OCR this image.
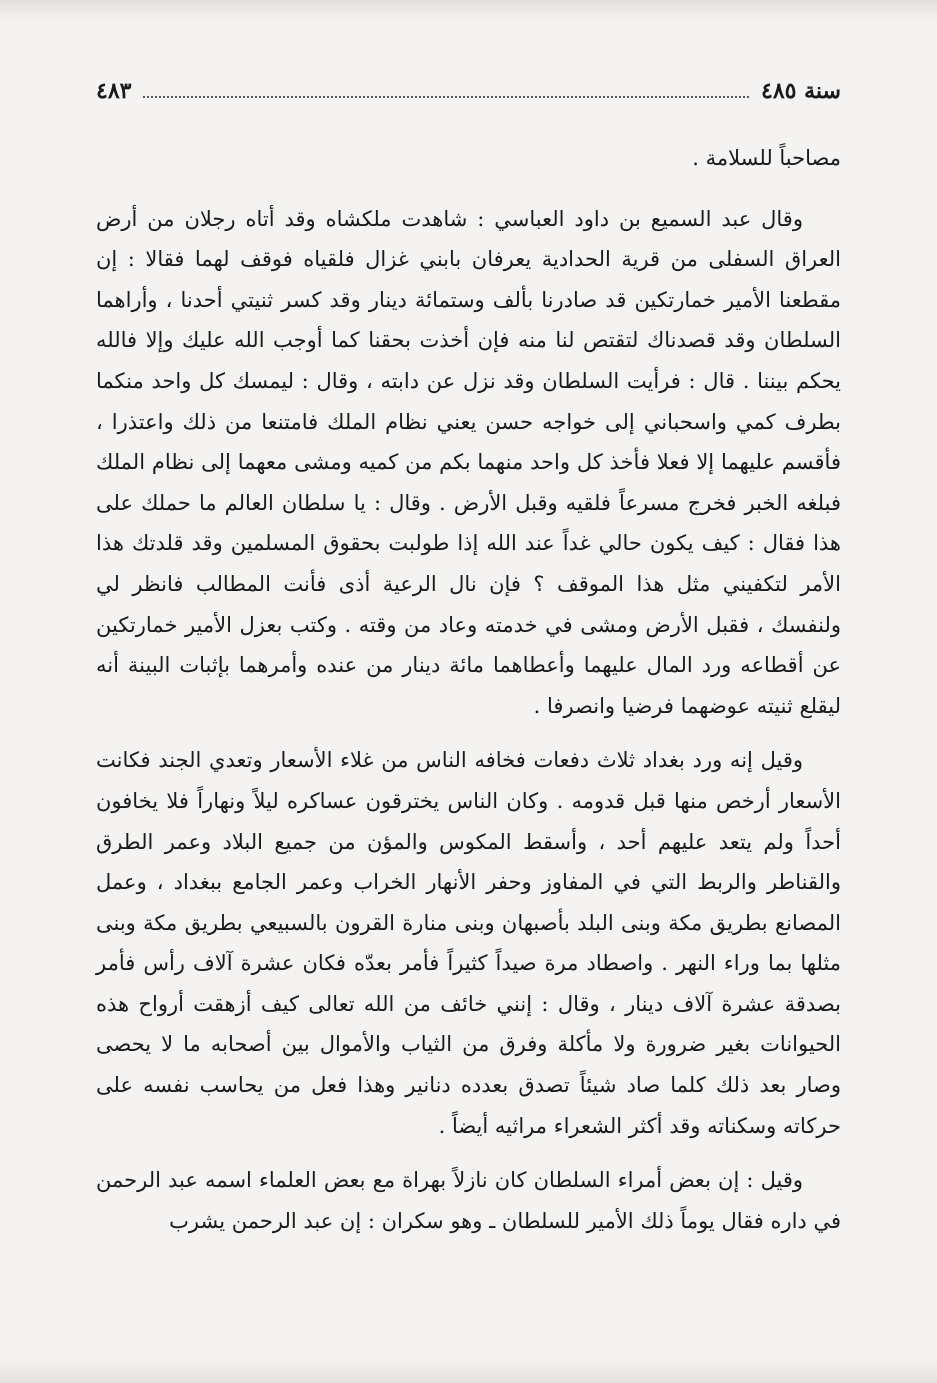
سنة ٤٨٥
٤٨٣

مصاحباً للسلامة .

وقال عبد السميع بن داود العباسي : شاهدت ملكشاه وقد أتاه رجلان من أرض العراق السفلى من قرية الحدادية يعرفان بابني غزال فلقياه فوقف لهما فقالا : إن مقطعنا الأمير خمارتكين قد صادرنا بألف وستمائة دينار وقد كسر ثنيتي أحدنا ، وأراهما السلطان وقد قصدناك لتقتص لنا منه فإن أخذت بحقنا كما أوجب الله عليك وإلا فالله يحكم بيننا . قال : فرأيت السلطان وقد نزل عن دابته ، وقال : ليمسك كل واحد منكما بطرف كمي واسحباني إلى خواجه حسن يعني نظام الملك فامتنعا من ذلك واعتذرا ، فأقسم عليهما إلا فعلا فأخذ كل واحد منهما بكم من كميه ومشى معهما إلى نظام الملك فبلغه الخبر فخرج مسرعاً فلقيه وقبل الأرض . وقال : يا سلطان العالم ما حملك على هذا فقال : كيف يكون حالي غداً عند الله إذا طولبت بحقوق المسلمين وقد قلدتك هذا الأمر لتكفيني مثل هذا الموقف ؟ فإن نال الرعية أذى فأنت المطالب فانظر لي ولنفسك ، فقبل الأرض ومشى في خدمته وعاد من وقته . وكتب بعزل الأمير خمارتكين عن أقطاعه ورد المال عليهما وأعطاهما مائة دينار من عنده وأمرهما بإثبات البينة أنه ليقلع ثنيته عوضهما فرضيا وانصرفا .

وقيل إنه ورد بغداد ثلاث دفعات فخافه الناس من غلاء الأسعار وتعدي الجند فكانت الأسعار أرخص منها قبل قدومه . وكان الناس يخترقون عساكره ليلاً ونهاراً فلا يخافون أحداً ولم يتعد عليهم أحد ، وأسقط المكوس والمؤن من جميع البلاد وعمر الطرق والقناطر والربط التي في المفاوز وحفر الأنهار الخراب وعمر الجامع ببغداد ، وعمل المصانع بطريق مكة وبنى البلد بأصبهان وبنى منارة القرون بالسبيعي بطريق مكة وبنى مثلها بما وراء النهر . واصطاد مرة صيداً كثيراً فأمر بعدّه فكان عشرة آلاف رأس فأمر بصدقة عشرة آلاف دينار ، وقال : إنني خائف من الله تعالى كيف أزهقت أرواح هذه الحيوانات بغير ضرورة ولا مأكلة وفرق من الثياب والأموال بين أصحابه ما لا يحصى وصار بعد ذلك كلما صاد شيئاً تصدق بعدده دنانير وهذا فعل من يحاسب نفسه على حركاته وسكناته وقد أكثر الشعراء مراثيه أيضاً .

وقيل : إن بعض أمراء السلطان كان نازلاً بهراة مع بعض العلماء اسمه عبد الرحمن في داره فقال يوماً ذلك الأمير للسلطان ـ وهو سكران : إن عبد الرحمن يشرب
